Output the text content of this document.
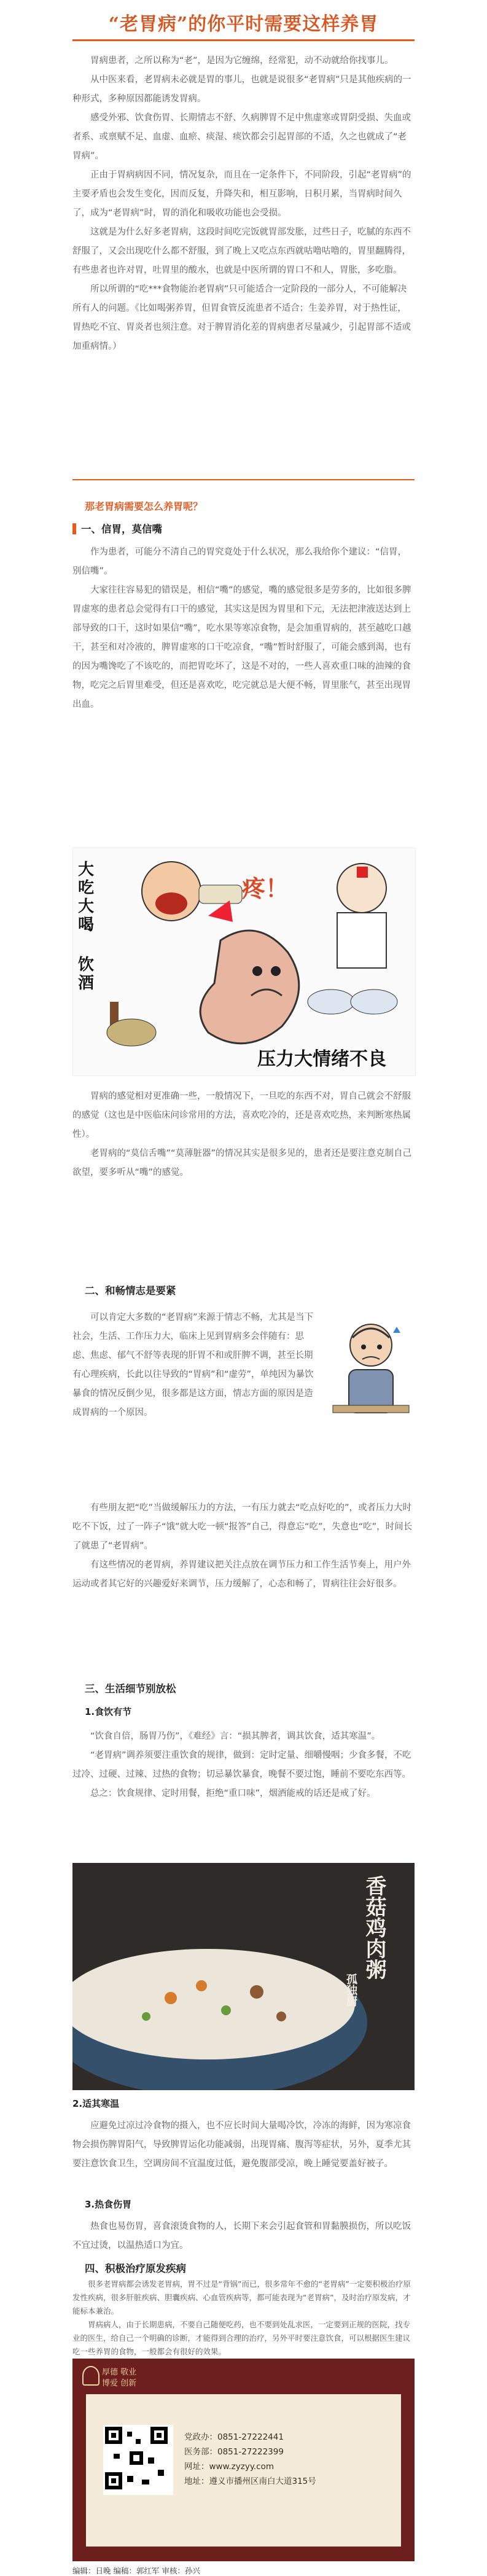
“老胃病”的你平时需要这样养胃

胃病患者，之所以称为“老”，是因为它缠绵，经常犯，动不动就给你找事儿。

从中医来看，老胃病未必就是胃的事儿，也就是说很多“老胃病”只是其他疾病的一种形式，多种原因都能诱发胃病。

感受外邪、饮食伤胃、长期情志不舒、久病脾胃不足中焦虚寒或胃阴受损、失血或者系、或禀赋不足、血虚、血瘀、痰湿、痰饮都会引起胃部的不适，久之也就成了“老胃病”。

正由于胃病病因不同，情况复杂，而且在一定条件下，不同阶段，引起“老胃病”的主要矛盾也会发生变化，因而反复，升降失和，相互影响，日积月累，当胃病时间久了，成为“老胃病”时，胃的消化和吸收功能也会受损。

这就是为什么好多老胃病，这段时间吃完饭就胃部发胀，过些日子，吃腻的东西不舒服了，又会出现吃什么都不舒服，到了晚上又吃点东西就咕噜咕噜的，胃里翻腾得，有些患者也许对胃，吐胃里的酸水，也就是中医所谓的胃口不和人，胃胀，多吃脂。

所以所谓的“吃***食物能治老胃病”只可能适合一定阶段的一部分人，不可能解决所有人的问题。《比如喝粥养胃，但胃食管反流患者不适合；生姜养胃，对于热性证，胃热吃不宜、胃炎者也须注意。对于脾胃消化差的胃病患者尽量减少，引起胃部不适或加重病情。）

那老胃病需要怎么养胃呢？
一、信胃，莫信嘴

作为患者，可能分不清自己的胃究竟处于什么状况，那么我给你个建议：“信胃，别信嘴”。

大家往往容易犯的错误是，相信“嘴”的感觉，嘴的感觉很多是劳多的，比如很多脾胃虚寒的患者总会觉得有口干的感觉，其实这是因为胃里和下元，无法把津液送达到上部导致的口干，这时如果信“嘴”，吃水果等寒凉食物，是会加重胃病的，甚至越吃口越干，甚至和对冷液的，脾胃虚寒的口干吃凉食，“嘴”暂时舒服了，可能会感到渴，也有的因为嘴馋吃了不该吃的，而把胃吃坏了，这是不对的，一些人喜欢重口味的油辣的食物，吃完之后胃里难受，但还是喜欢吃，吃完就总是大便不畅，胃里胀气，甚至出现胃出血。

大吃大喝
饮酒
疼！
压力大情绪不良

胃病的感觉相对更准确一些，一般情况下，一旦吃的东西不对，胃自己就会不舒服的感觉（这也是中医临床问诊常用的方法，喜欢吃冷的，还是喜欢吃热，来判断寒热属性）。

老胃病的“莫信舌嘴”“莫薄脏器”的情况其实是很多见的，患者还是要注意克制自己欲望，要多听从“嘴”的感觉。

二、和畅情志是要紧

可以肯定大多数的“老胃病”来源于情志不畅，尤其是当下社会，生活、工作压力大，临床上见到胃病多会伴随有：思虑、焦虑、郁气不舒等表现的肝胃不和或肝脾不调，甚至长期有心理疾病，长此以往导致的“胃病”和“虚劳”，单纯因为暴饮暴食的情况反倒少见，很多都是这方面，情志方面的原因是造成胃病的一个原因。

有些朋友把“吃”当做缓解压力的方法，一有压力就去“吃点好吃的”，或者压力大时吃不下饭，过了一阵子“饿”就大吃一顿“报答”自己，得意忘“吃”，失意也“吃”，时间长了就患了“老胃病”。

有这些情况的老胃病，养胃建议把关注点放在调节压力和工作生活节奏上，用户外运动或者其它好的兴趣爱好来调节，压力缓解了，心态和畅了，胃病往往会好很多。

三、生活细节别放松
1.食饮有节

“饮食自倍，肠胃乃伤”，《难经》言：“损其脾者，调其饮食，适其寒温”。

“老胃病”调养须要注重饮食的规律，做到：定时定量、细嚼慢咽；少食多餐，不吃过冷、过硬、过辣、过热的食物；切忌暴饮暴食，晚餐不要过饱，睡前不要吃东西等。

总之：饮食规律、定时用餐，拒绝“重口味”，烟酒能戒的话还是戒了好。

香菇鸡肉粥
孤独厨
2.适其寒温

应避免过凉过冷食物的摄入，也不应长时间大量喝冷饮，冷冻的海鲜，因为寒凉食物会损伤脾胃阳气，导致脾胃运化功能减弱，出现胃痛、腹泻等症状，另外，夏季尤其要注意饮食卫生，空调房间不宜温度过低，避免腹部受凉，晚上睡觉要盖好被子。

3.热食伤胃

热食也易伤胃，喜食滚烫食物的人，长期下来会引起食管和胃黏膜损伤，所以吃饭不宜过烫，以温热适口为宜。

四、积极治疗原发疾病

很多老胃病都会诱发老胃病，胃不过是“背锅”而已，很多常年不愈的“老胃病”一定要积极治疗原发性疾病，很多肝脏疾病、胆囊疾病、心血管疾病等，都可能表现为“老胃病”，及时治疗原发病，才能标本兼治。

胃病病人，由于长期患病，不要自己随便吃药，也不要到处乱求医，一定要到正规的医院，找专业的医生，给自己一个明确的诊断，才能得到合理的治疗，另外平时要注意饮食，可以根据医生建议吃一些养胃的食物，一般都会有很好的效果。

厚德 敬业
博爱 创新
党政办：0851-27222441
医务部：0851-27222399
网址：www.zyzyy.com
地址：遵义市播州区南白大道315号
编辑：日晚 编稿：郭红军 审核：孙兴
